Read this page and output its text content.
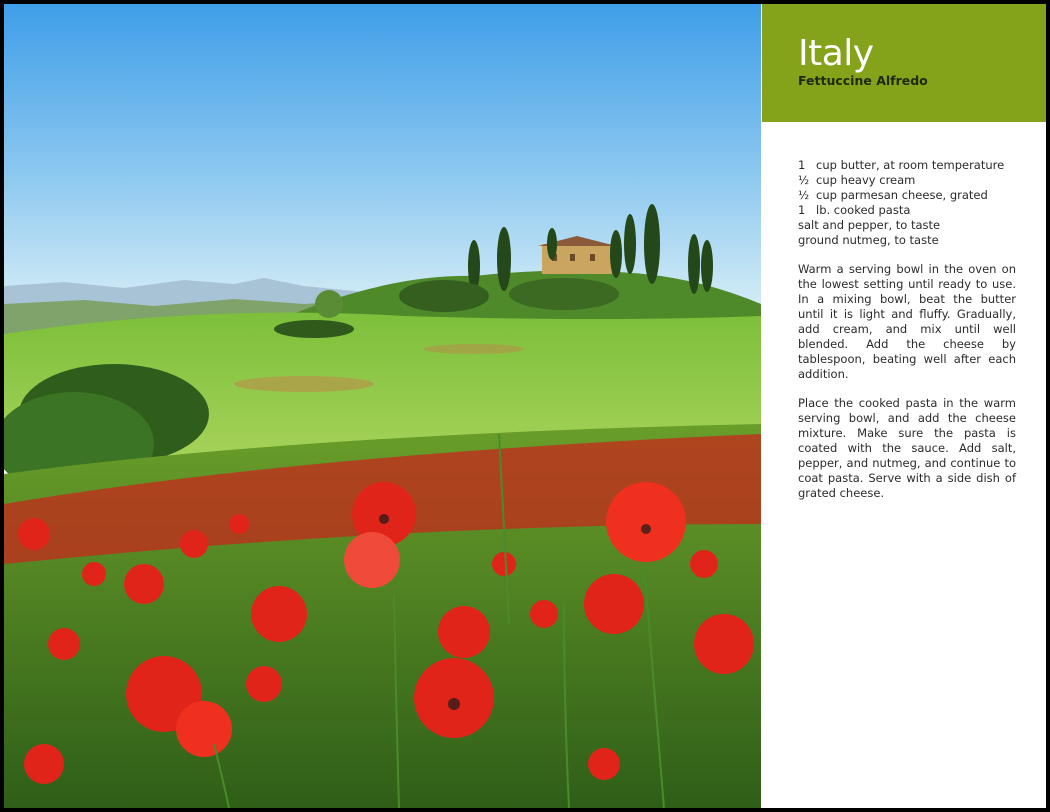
Italy
Fettuccine Alfredo
1 cup butter, at room temperature
½ cup heavy cream
½ cup parmesan cheese, grated
1 lb. cooked pasta
salt and pepper, to taste
ground nutmeg, to taste

Warm a serving bowl in the oven on the lowest setting until ready to use. In a mixing bowl, beat the butter until it is light and fluffy. Gradually, add cream, and mix until well blended. Add the cheese by tablespoon, beating well after each addition.

Place the cooked pasta in the warm serving bowl, and add the cheese mixture. Make sure the pasta is coated with the sauce. Add salt, pepper, and nutmeg, and continue to coat pasta. Serve with a side dish of grated cheese.
